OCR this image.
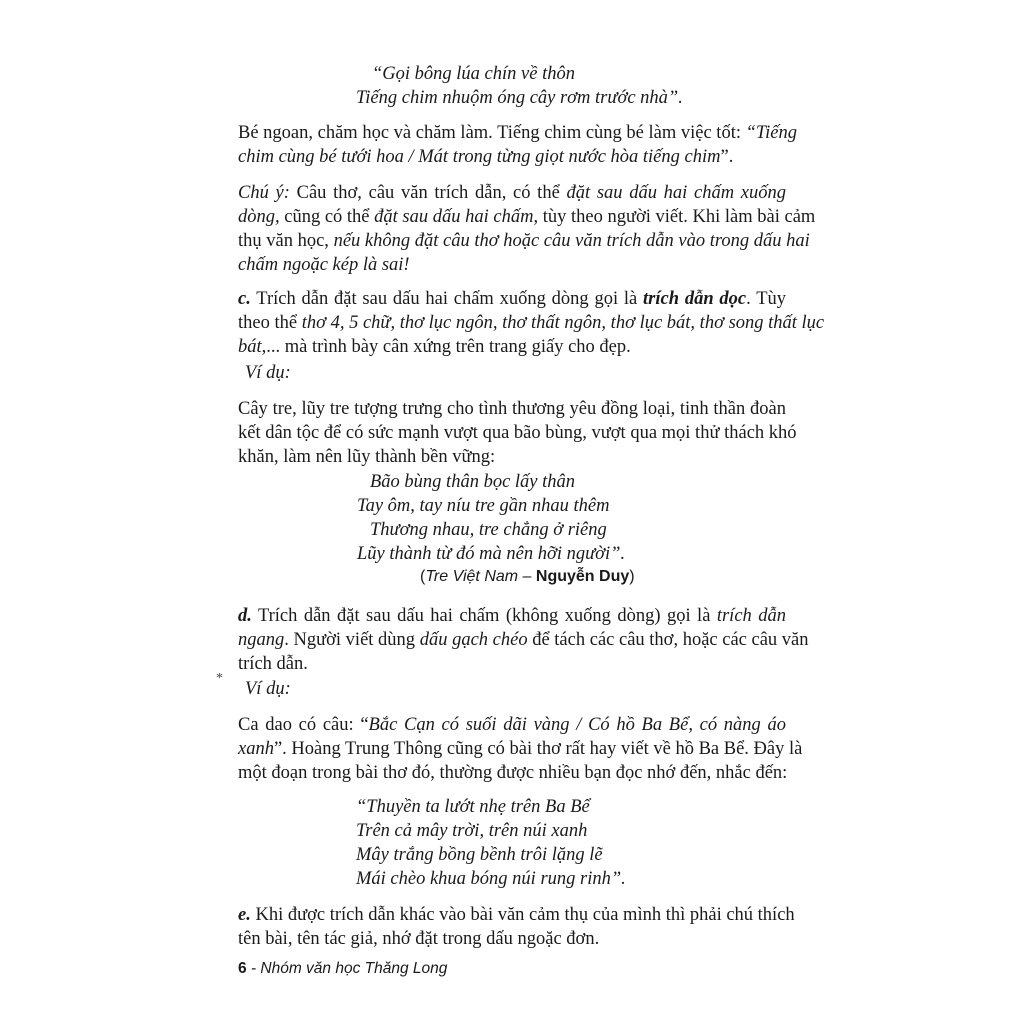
“Gọi bông lúa chín về thôn
Tiếng chim nhuộm óng cây rơm trước nhà”.
Bé ngoan, chăm học và chăm làm. Tiếng chim cùng bé làm việc tốt: “Tiếng
chim cùng bé tưới hoa / Mát trong từng giọt nước hòa tiếng chim”.
Chú ý: Câu thơ, câu văn trích dẫn, có thể đặt sau dấu hai chấm xuống
dòng, cũng có thể đặt sau dấu hai chấm, tùy theo người viết. Khi làm bài cảm
thụ văn học, nếu không đặt câu thơ hoặc câu văn trích dẫn vào trong dấu hai
chấm ngoặc kép là sai!
c. Trích dẫn đặt sau dấu hai chấm xuống dòng gọi là trích dẫn dọc. Tùy
theo thể thơ 4, 5 chữ, thơ lục ngôn, thơ thất ngôn, thơ lục bát, thơ song thất lục
bát,... mà trình bày cân xứng trên trang giấy cho đẹp.
Ví dụ:
Cây tre, lũy tre tượng trưng cho tình thương yêu đồng loại, tinh thần đoàn
kết dân tộc để có sức mạnh vượt qua bão bùng, vượt qua mọi thử thách khó
khăn, làm nên lũy thành bền vững:
Bão bùng thân bọc lấy thân
Tay ôm, tay níu tre gần nhau thêm
Thương nhau, tre chẳng ở riêng
Lũy thành từ đó mà nên hỡi người”.
(Tre Việt Nam – Nguyễn Duy)
d. Trích dẫn đặt sau dấu hai chấm (không xuống dòng) gọi là trích dẫn
ngang. Người viết dùng dấu gạch chéo để tách các câu thơ, hoặc các câu văn
trích dẫn.
*
Ví dụ:
Ca dao có câu: “Bắc Cạn có suối dãi vàng / Có hồ Ba Bể, có nàng áo
xanh”. Hoàng Trung Thông cũng có bài thơ rất hay viết về hồ Ba Bể. Đây là
một đoạn trong bài thơ đó, thường được nhiều bạn đọc nhớ đến, nhắc đến:
“Thuyền ta lướt nhẹ trên Ba Bể
Trên cả mây trời, trên núi xanh
Mây trắng bồng bềnh trôi lặng lẽ
Mái chèo khua bóng núi rung rinh”.
e. Khi được trích dẫn khác vào bài văn cảm thụ của mình thì phải chú thích
tên bài, tên tác giả, nhớ đặt trong dấu ngoặc đơn.
6 - Nhóm văn học Thăng Long
